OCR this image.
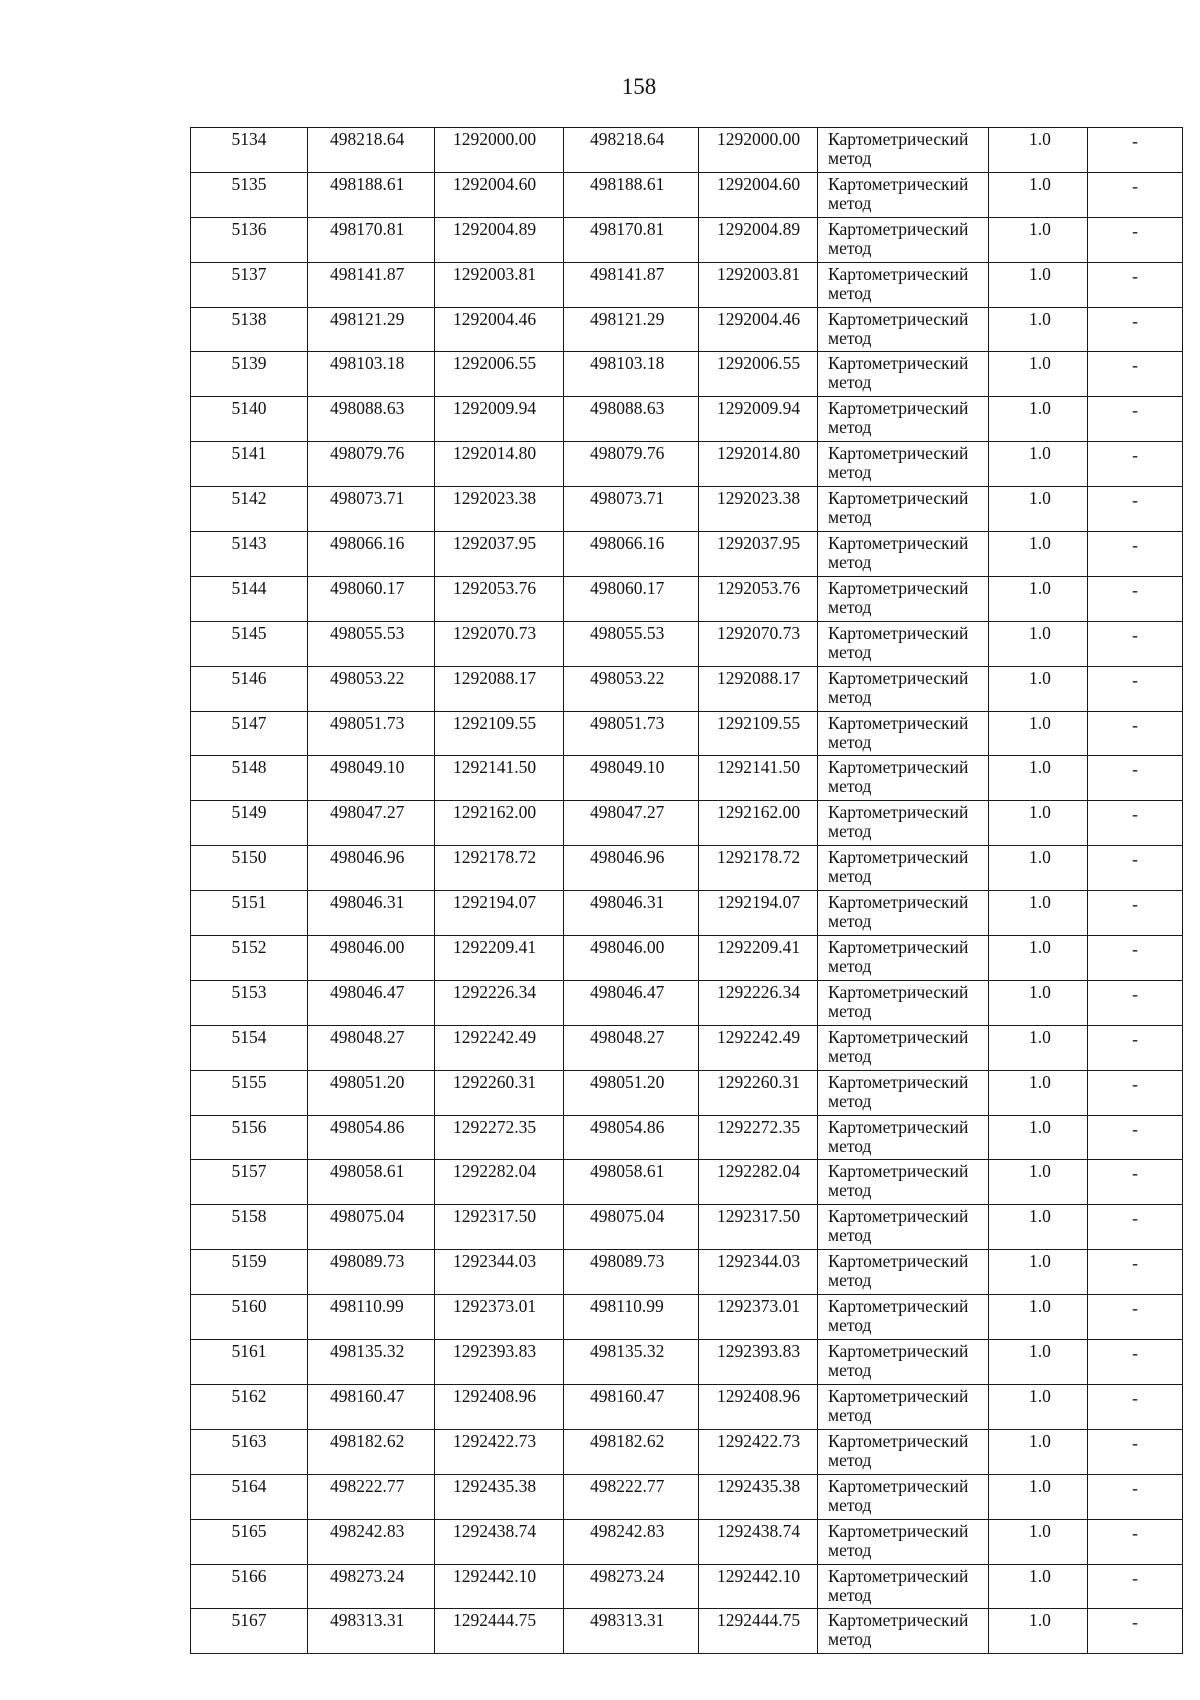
158
5134	498218.64	1292000.00	498218.64	1292000.00	Картометрический
метод	1.0	-

5135	498188.61	1292004.60	498188.61	1292004.60	Картометрический
метод	1.0	-

5136	498170.81	1292004.89	498170.81	1292004.89	Картометрический
метод	1.0	-

5137	498141.87	1292003.81	498141.87	1292003.81	Картометрический
метод	1.0	-

5138	498121.29	1292004.46	498121.29	1292004.46	Картометрический
метод	1.0	-

5139	498103.18	1292006.55	498103.18	1292006.55	Картометрический
метод	1.0	-

5140	498088.63	1292009.94	498088.63	1292009.94	Картометрический
метод	1.0	-

5141	498079.76	1292014.80	498079.76	1292014.80	Картометрический
метод	1.0	-

5142	498073.71	1292023.38	498073.71	1292023.38	Картометрический
метод	1.0	-

5143	498066.16	1292037.95	498066.16	1292037.95	Картометрический
метод	1.0	-

5144	498060.17	1292053.76	498060.17	1292053.76	Картометрический
метод	1.0	-

5145	498055.53	1292070.73	498055.53	1292070.73	Картометрический
метод	1.0	-

5146	498053.22	1292088.17	498053.22	1292088.17	Картометрический
метод	1.0	-

5147	498051.73	1292109.55	498051.73	1292109.55	Картометрический
метод	1.0	-

5148	498049.10	1292141.50	498049.10	1292141.50	Картометрический
метод	1.0	-

5149	498047.27	1292162.00	498047.27	1292162.00	Картометрический
метод	1.0	-

5150	498046.96	1292178.72	498046.96	1292178.72	Картометрический
метод	1.0	-

5151	498046.31	1292194.07	498046.31	1292194.07	Картометрический
метод	1.0	-

5152	498046.00	1292209.41	498046.00	1292209.41	Картометрический
метод	1.0	-

5153	498046.47	1292226.34	498046.47	1292226.34	Картометрический
метод	1.0	-

5154	498048.27	1292242.49	498048.27	1292242.49	Картометрический
метод	1.0	-

5155	498051.20	1292260.31	498051.20	1292260.31	Картометрический
метод	1.0	-

5156	498054.86	1292272.35	498054.86	1292272.35	Картометрический
метод	1.0	-

5157	498058.61	1292282.04	498058.61	1292282.04	Картометрический
метод	1.0	-

5158	498075.04	1292317.50	498075.04	1292317.50	Картометрический
метод	1.0	-

5159	498089.73	1292344.03	498089.73	1292344.03	Картометрический
метод	1.0	-

5160	498110.99	1292373.01	498110.99	1292373.01	Картометрический
метод	1.0	-

5161	498135.32	1292393.83	498135.32	1292393.83	Картометрический
метод	1.0	-

5162	498160.47	1292408.96	498160.47	1292408.96	Картометрический
метод	1.0	-

5163	498182.62	1292422.73	498182.62	1292422.73	Картометрический
метод	1.0	-

5164	498222.77	1292435.38	498222.77	1292435.38	Картометрический
метод	1.0	-

5165	498242.83	1292438.74	498242.83	1292438.74	Картометрический
метод	1.0	-

5166	498273.24	1292442.10	498273.24	1292442.10	Картометрический
метод	1.0	-

5167	498313.31	1292444.75	498313.31	1292444.75	Картометрический
метод	1.0	-
